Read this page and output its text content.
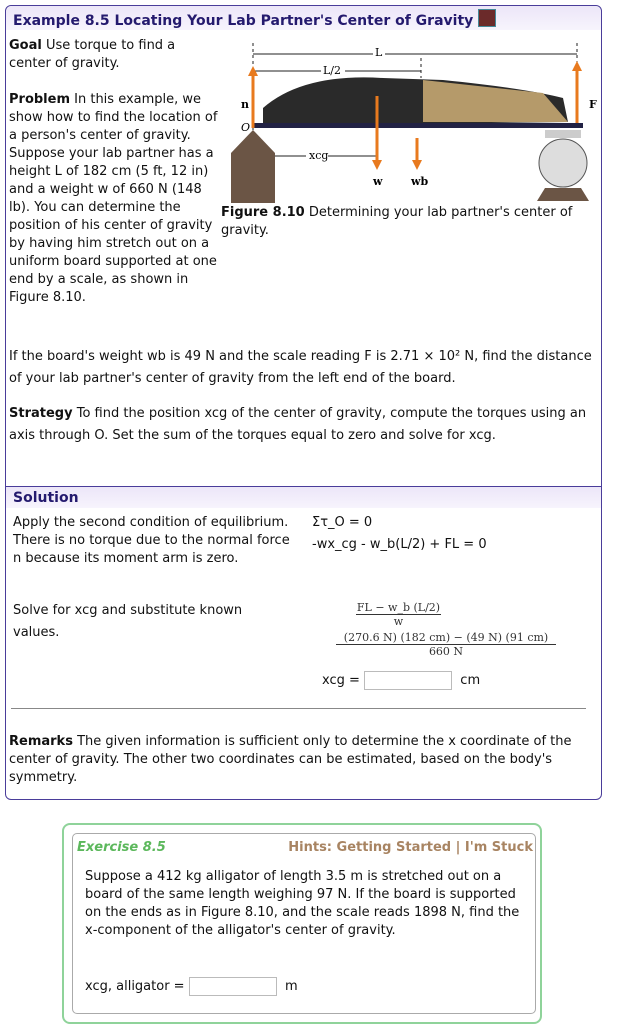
Example 8.5 Locating Your Lab Partner's Center of Gravity
Goal Use torque to find a center of gravity.
Problem In this example, we show how to find the location of a person's center of gravity. Suppose your lab partner has a height L of 182 cm (5 ft, 12 in) and a weight w of 660 N (148 lb). You can determine the position of his center of gravity by having him stretch out on a uniform board supported at one end by a scale, as shown in Figure 8.10.
L
L/2
xcg
n	F
w	wb
O
Figure 8.10 Determining your lab partner's center of gravity.
If the board's weight wb is 49 N and the scale reading F is 2.71 × 10² N, find the distance of your lab partner's center of gravity from the left end of the board.
Strategy To find the position xcg of the center of gravity, compute the torques using an axis through O. Set the sum of the torques equal to zero and solve for xcg.
Solution
Apply the second condition of equilibrium. There is no torque due to the normal force n because its moment arm is zero.
Στ_O = 0
-wx_cg - w_b(L/2) + FL = 0
Solve for xcg and substitute known values.
FL − w_b (L/2)
w
(270.6 N) (182 cm) − (49 N) (91 cm)
660 N
xcg =	cm
Remarks The given information is sufficient only to determine the x coordinate of the center of gravity. The other two coordinates can be estimated, based on the body's symmetry.
Exercise 8.5	Hints: Getting Started | I'm Stuck
Suppose a 412 kg alligator of length 3.5 m is stretched out on a board of the same length weighing 97 N. If the board is supported on the ends as in Figure 8.10, and the scale reads 1898 N, find the x-component of the alligator's center of gravity.
xcg, alligator =	m
